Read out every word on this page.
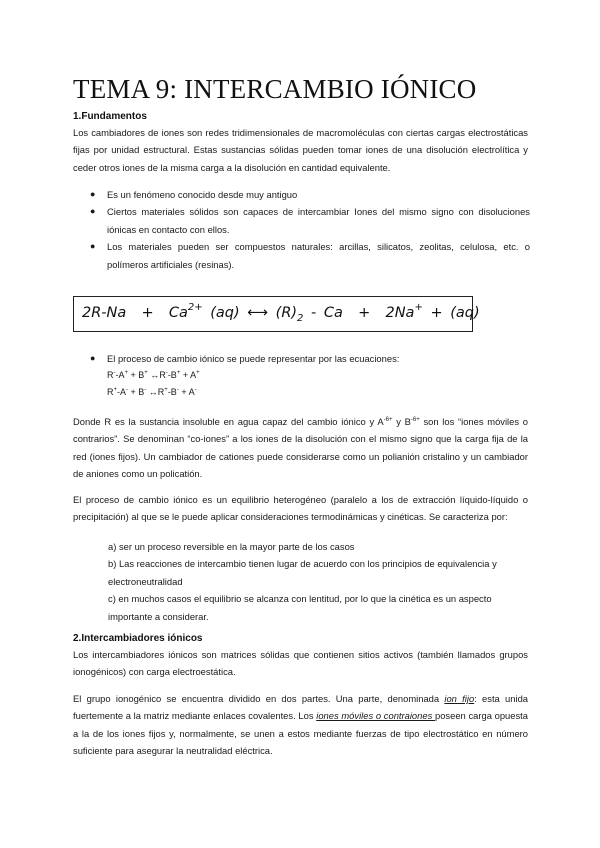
TEMA 9: INTERCAMBIO IÓNICO
1.Fundamentos
Los cambiadores de iones son redes tridimensionales de macromoléculas con ciertas cargas electrostáticas fijas por unidad estructural. Estas sustancias sólidas pueden tomar iones de una disolución electrolítica y ceder otros iones de la misma carga a la disolución en cantidad equivalente.
● Es un fenómeno conocido desde muy antiguo
● Ciertos materiales sólidos son capaces de intercambiar Iones del mismo signo con disoluciones iónicas en contacto con ellos.
● Los materiales pueden ser compuestos naturales: arcillas, silicatos, zeolitas, celulosa, etc. o polímeros artificiales (resinas).
$2R-Na + Ca^{2+}$ (aq) ⟷ $(R)_2 - Ca + 2Na^+ + (aq)$
● El proceso de cambio iónico se puede representar por las ecuaciones:
R--A+ + B+ ↔R--B+ + A+
R+-A- + B- ↔R+-B- + A-
Donde R es la sustancia insoluble en agua capaz del cambio iónico y $A^{-6+}$ y $B^{-6+}$ son los “iones móviles o contrarios”. Se denominan “co-iones” a los iones de la disolución con el mismo signo que la carga fija de la red (iones fijos). Un cambiador de cationes puede considerarse como un polianión cristalino y un cambiador de aniones como un policatión.
El proceso de cambio iónico es un equilibrio heterogéneo (paralelo a los de extracción líquido-líquido o precipitación) al que se le puede aplicar consideraciones termodinámicas y cinéticas. Se caracteriza por:
a) ser un proceso reversible en la mayor parte de los casos
b) Las reacciones de intercambio tienen lugar de acuerdo con los principios de equivalencia y electroneutralidad
c) en muchos casos el equilibrio se alcanza con lentitud, por lo que la cinética es un aspecto importante a considerar.
2.Intercambiadores iónicos
Los intercambiadores iónicos son matrices sólidas que contienen sitios activos (también llamados grupos ionogénicos) con carga electroestática.
El grupo ionogénico se encuentra dividido en dos partes. Una parte, denominada ion fijo: esta unida fuertemente a la matriz mediante enlaces covalentes. Los iones móviles o contraiones poseen carga opuesta a la de los iones fijos y, normalmente, se unen a estos mediante fuerzas de tipo electrostático en número suficiente para asegurar la neutralidad eléctrica.
